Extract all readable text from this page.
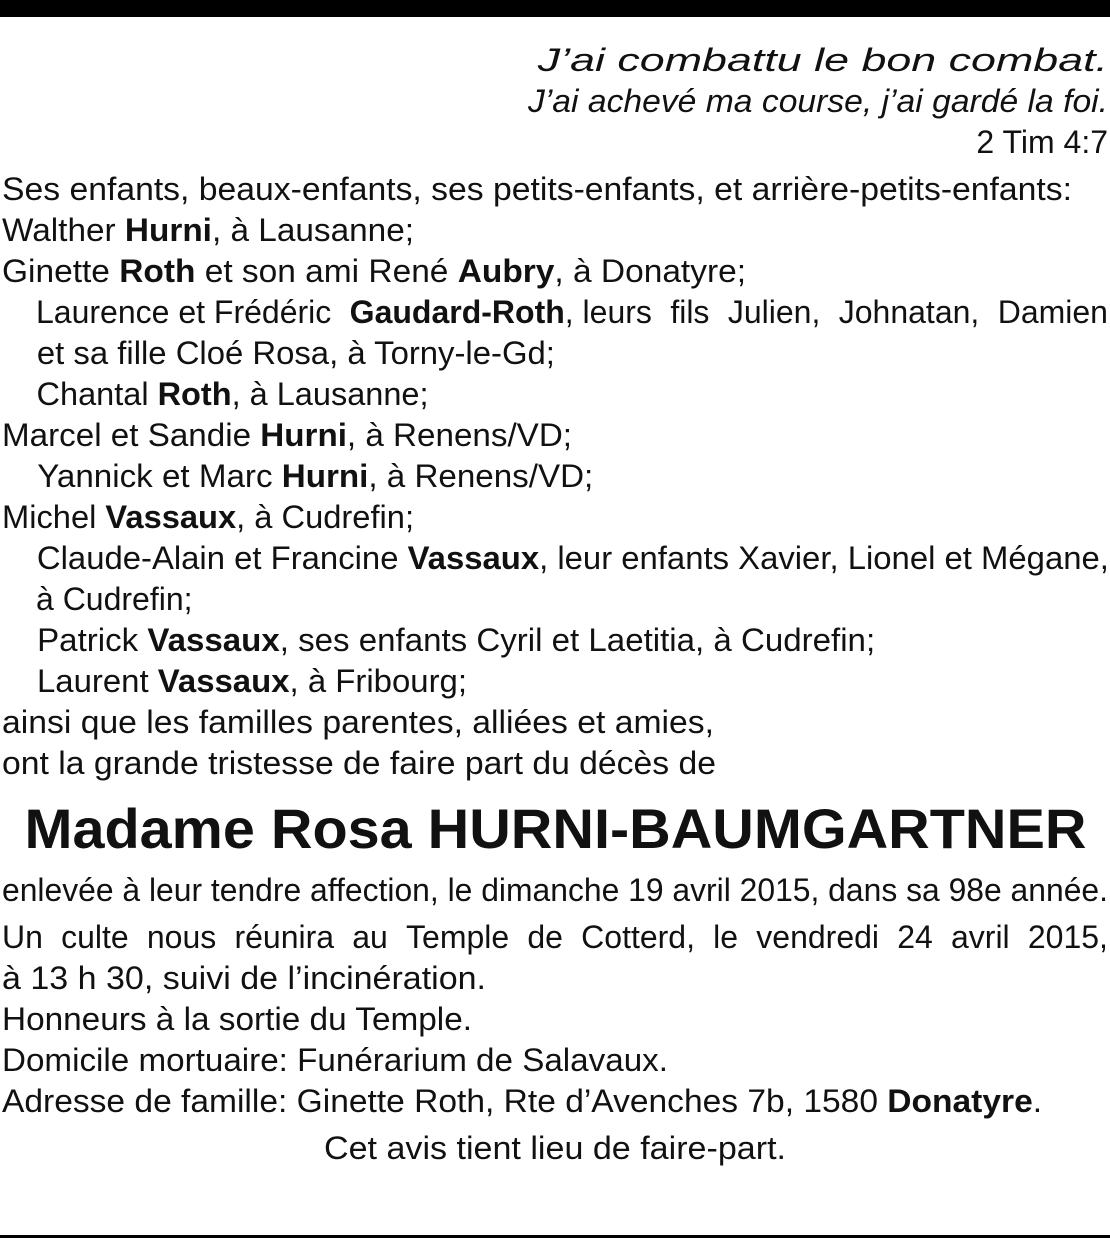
J’ai combattu le bon combat.
J’ai achevé ma course, j’ai gardé la foi.
2 Tim 4:7
Ses enfants, beaux-enfants, ses petits-enfants, et arrière-petits-enfants:
Walther Hurni, à Lausanne;
Ginette Roth et son ami René Aubry, à Donatyre;
Laurence et Frédéric Gaudard-Roth, leurs fils Julien, Johnatan, Damien
et sa fille Cloé Rosa, à Torny-le-Gd;
Chantal Roth, à Lausanne;
Marcel et Sandie Hurni, à Renens/VD;
Yannick et Marc Hurni, à Renens/VD;
Michel Vassaux, à Cudrefin;
Claude-Alain et Francine Vassaux, leur enfants Xavier, Lionel et Mégane,
à Cudrefin;
Patrick Vassaux, ses enfants Cyril et Laetitia, à Cudrefin;
Laurent Vassaux, à Fribourg;
ainsi que les familles parentes, alliées et amies,
ont la grande tristesse de faire part du décès de
Madame Rosa HURNI-BAUMGARTNER
enlevée à leur tendre affection, le dimanche 19 avril 2015, dans sa 98e année.
Un culte nous réunira au Temple de Cotterd, le vendredi 24 avril 2015,
à 13 h 30, suivi de l’incinération.
Honneurs à la sortie du Temple.
Domicile mortuaire: Funérarium de Salavaux.
Adresse de famille: Ginette Roth, Rte d’Avenches 7b, 1580 Donatyre.
Cet avis tient lieu de faire-part.
